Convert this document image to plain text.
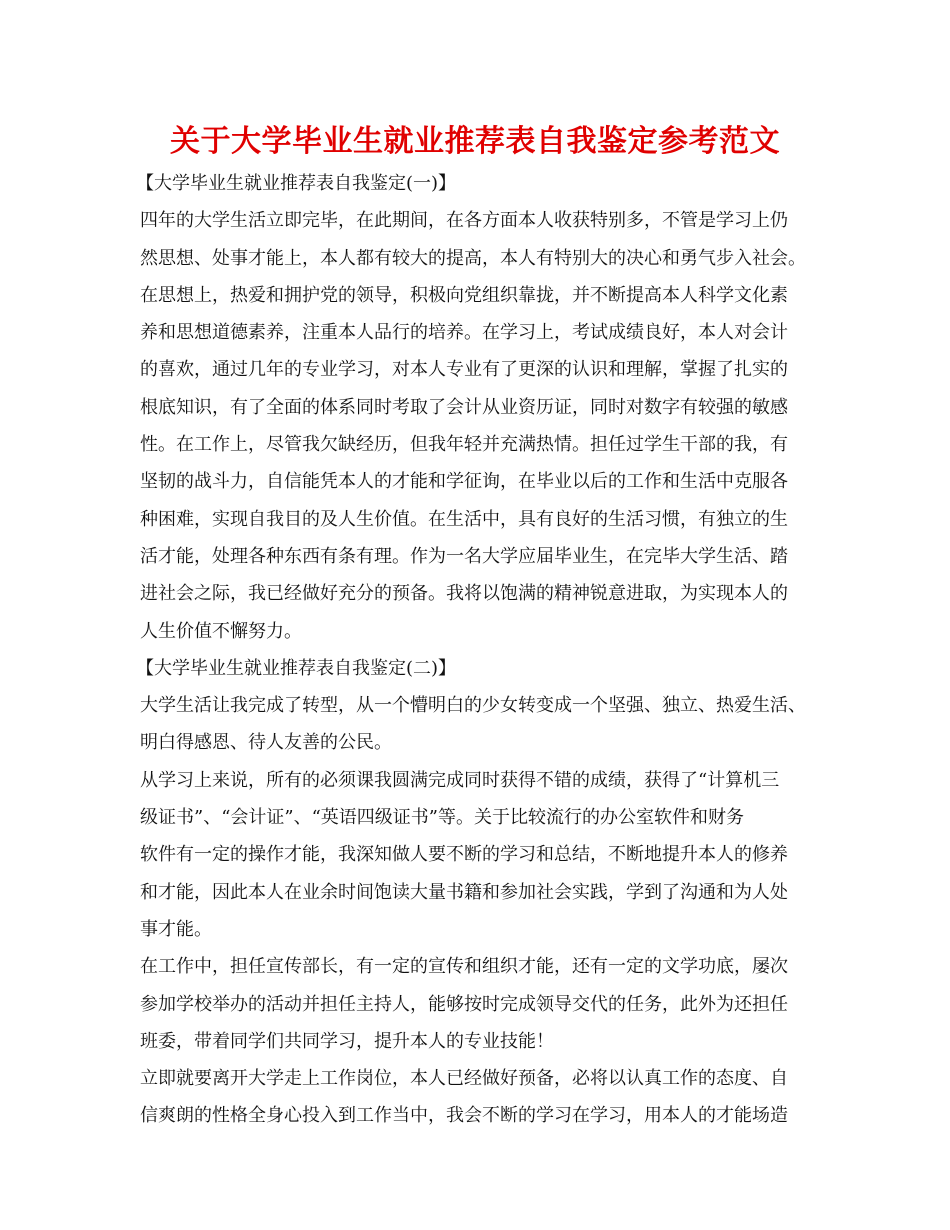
关于大学毕业生就业推荐表自我鉴定参考范文

【大学毕业生就业推荐表自我鉴定(一)】

四年的大学生活立即完毕，在此期间，在各方面本人收获特别多，不管是学习上仍

然思想、处事才能上，本人都有较大的提高，本人有特别大的决心和勇气步入社会。

在思想上，热爱和拥护党的领导，积极向党组织靠拢，并不断提高本人科学文化素

养和思想道德素养，注重本人品行的培养。在学习上，考试成绩良好，本人对会计

的喜欢，通过几年的专业学习，对本人专业有了更深的认识和理解，掌握了扎实的

根底知识，有了全面的体系同时考取了会计从业资历证，同时对数字有较强的敏感

性。在工作上，尽管我欠缺经历，但我年轻并充满热情。担任过学生干部的我，有

坚韧的战斗力，自信能凭本人的才能和学征询，在毕业以后的工作和生活中克服各

种困难，实现自我目的及人生价值。在生活中，具有良好的生活习惯，有独立的生

活才能，处理各种东西有条有理。作为一名大学应届毕业生，在完毕大学生活、踏

进社会之际，我已经做好充分的预备。我将以饱满的精神锐意进取，为实现本人的

人生价值不懈努力。

【大学毕业生就业推荐表自我鉴定(二)】

大学生活让我完成了转型，从一个懵明白的少女转变成一个坚强、独立、热爱生活、

明白得感恩、待人友善的公民。

从学习上来说，所有的必须课我圆满完成同时获得不错的成绩，获得了“计算机三

级证书”、“会计证”、“英语四级证书”等。关于比较流行的办公室软件和财务

软件有一定的操作才能，我深知做人要不断的学习和总结，不断地提升本人的修养

和才能，因此本人在业余时间饱读大量书籍和参加社会实践，学到了沟通和为人处

事才能。

在工作中，担任宣传部长，有一定的宣传和组织才能，还有一定的文学功底，屡次

参加学校举办的活动并担任主持人，能够按时完成领导交代的任务，此外为还担任

班委，带着同学们共同学习，提升本人的专业技能！

立即就要离开大学走上工作岗位，本人已经做好预备，必将以认真工作的态度、自

信爽朗的性格全身心投入到工作当中，我会不断的学习在学习，用本人的才能场造
